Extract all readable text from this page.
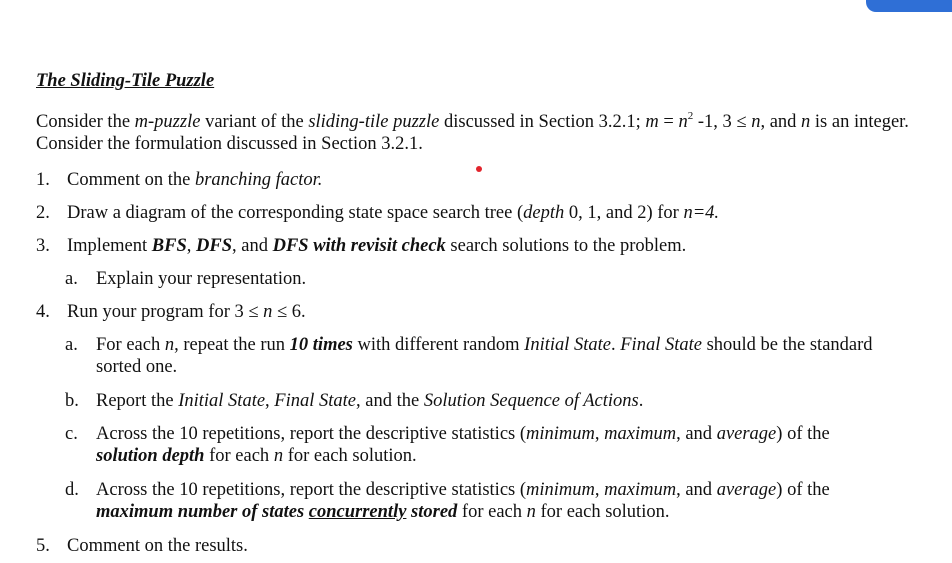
The Sliding-Tile Puzzle

Consider the m-puzzle variant of the sliding-tile puzzle discussed in Section 3.2.1; $m = n^2$ -1, 3 ≤ n, and n is an integer. Consider the formulation discussed in Section 3.2.1.

1. Comment on the branching factor.
2. Draw a diagram of the corresponding state space search tree (depth 0, 1, and 2) for n=4.
3. Implement BFS, DFS, and DFS with revisit check search solutions to the problem.
a. Explain your representation.
4. Run your program for 3 ≤ n ≤ 6.
a. For each n, repeat the run 10 times with different random Initial State. Final State should be the standard sorted one.
b. Report the Initial State, Final State, and the Solution Sequence of Actions.
c. Across the 10 repetitions, report the descriptive statistics (minimum, maximum, and average) of the solution depth for each n for each solution.
d. Across the 10 repetitions, report the descriptive statistics (minimum, maximum, and average) of the maximum number of states concurrently stored for each n for each solution.
5. Comment on the results.
